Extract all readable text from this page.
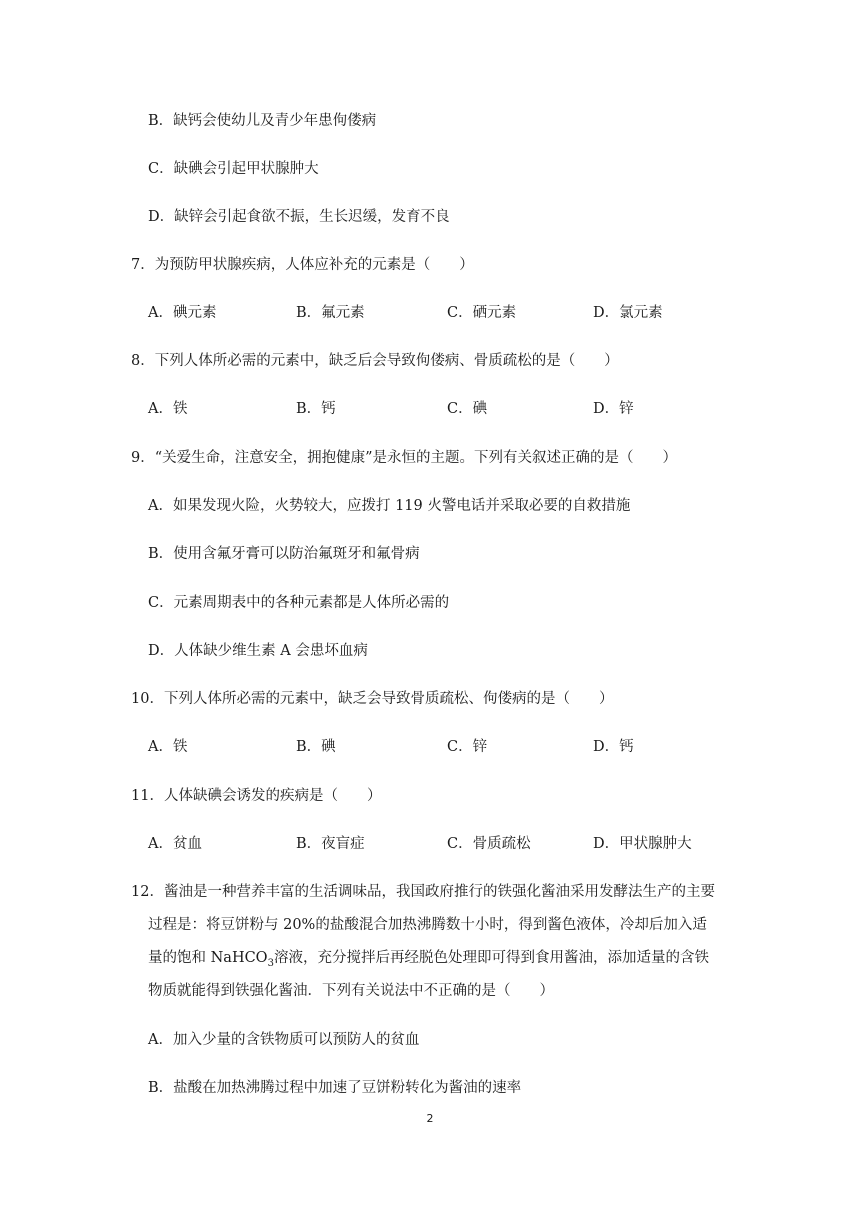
B．缺钙会使幼儿及青少年患佝偻病
C．缺碘会引起甲状腺肿大
D．缺锌会引起食欲不振，生长迟缓，发育不良
7．为预防甲状腺疾病，人体应补充的元素是（　　）
A．碘元素	B．氟元素	C．硒元素	D．氯元素
8．下列人体所必需的元素中，缺乏后会导致佝偻病、骨质疏松的是（　　）
A．铁	B．钙	C．碘	D．锌
9．“关爱生命，注意安全，拥抱健康”是永恒的主题。下列有关叙述正确的是（　　）
A．如果发现火险，火势较大，应拨打 119 火警电话并采取必要的自救措施
B．使用含氟牙膏可以防治氟斑牙和氟骨病
C．元素周期表中的各种元素都是人体所必需的
D．人体缺少维生素 A 会患坏血病
10．下列人体所必需的元素中，缺乏会导致骨质疏松、佝偻病的是（　　）
A．铁	B．碘	C．锌	D．钙
11．人体缺碘会诱发的疾病是（　　）
A．贫血	B．夜盲症	C．骨质疏松	D．甲状腺肿大
12．酱油是一种营养丰富的生活调味品，我国政府推行的铁强化酱油采用发酵法生产的主要
过程是：将豆饼粉与 20%的盐酸混合加热沸腾数十小时，得到酱色液体，冷却后加入适
量的饱和 NaHCO$_3$溶液，充分搅拌后再经脱色处理即可得到食用酱油，添加适量的含铁
物质就能得到铁强化酱油．下列有关说法中不正确的是（　　）
A．加入少量的含铁物质可以预防人的贫血
B．盐酸在加热沸腾过程中加速了豆饼粉转化为酱油的速率
2
